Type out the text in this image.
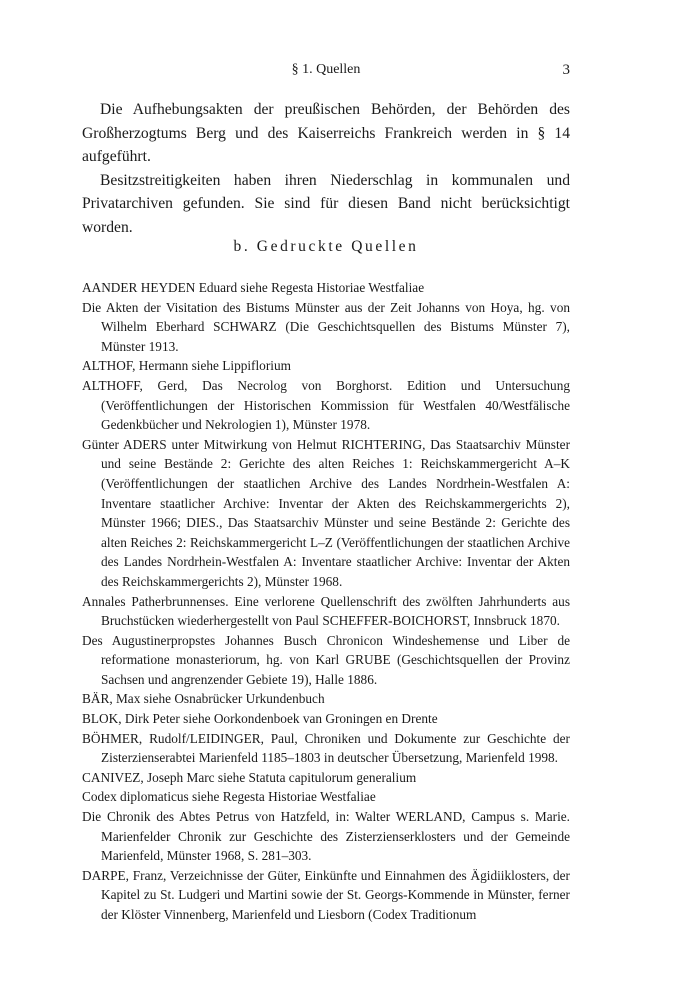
§ 1. Quellen	3

Die Aufhebungsakten der preußischen Behörden, der Behörden des Großherzogtums Berg und des Kaiserreichs Frankreich werden in § 14 aufgeführt.

Besitzstreitigkeiten haben ihren Niederschlag in kommunalen und Privatarchiven gefunden. Sie sind für diesen Band nicht berücksichtigt worden.

b. Gedruckte Quellen
AANDER HEYDEN Eduard siehe Regesta Historiae Westfaliae
Die Akten der Visitation des Bistums Münster aus der Zeit Johanns von Hoya, hg. von Wilhelm Eberhard SCHWARZ (Die Geschichtsquellen des Bistums Münster 7), Münster 1913.
ALTHOF, Hermann siehe Lippiflorium
ALTHOFF, Gerd, Das Necrolog von Borghorst. Edition und Untersuchung (Veröffentlichungen der Historischen Kommission für Westfalen 40/Westfälische Gedenkbücher und Nekrologien 1), Münster 1978.
Günter ADERS unter Mitwirkung von Helmut RICHTERING, Das Staatsarchiv Münster und seine Bestände 2: Gerichte des alten Reiches 1: Reichskammergericht A–K (Veröffentlichungen der staatlichen Archive des Landes Nordrhein-Westfalen A: Inventare staatlicher Archive: Inventar der Akten des Reichskammergerichts 2), Münster 1966; DIES., Das Staatsarchiv Münster und seine Bestände 2: Gerichte des alten Reiches 2: Reichskammergericht L–Z (Veröffentlichungen der staatlichen Archive des Landes Nordrhein-Westfalen A: Inventare staatlicher Archive: Inventar der Akten des Reichskammergerichts 2), Münster 1968.
Annales Patherbrunnenses. Eine verlorene Quellenschrift des zwölften Jahrhunderts aus Bruchstücken wiederhergestellt von Paul SCHEFFER-BOICHORST, Innsbruck 1870.
Des Augustinerpropstes Johannes Busch Chronicon Windeshemense und Liber de reformatione monasteriorum, hg. von Karl GRUBE (Geschichtsquellen der Provinz Sachsen und angrenzender Gebiete 19), Halle 1886.
BÄR, Max siehe Osnabrücker Urkundenbuch
BLOK, Dirk Peter siehe Oorkondenboek van Groningen en Drente
BÖHMER, Rudolf/LEIDINGER, Paul, Chroniken und Dokumente zur Geschichte der Zisterzienserabtei Marienfeld 1185–1803 in deutscher Übersetzung, Marienfeld 1998.
CANIVEZ, Joseph Marc siehe Statuta capitulorum generalium
Codex diplomaticus siehe Regesta Historiae Westfaliae
Die Chronik des Abtes Petrus von Hatzfeld, in: Walter WERLAND, Campus s. Marie. Marienfelder Chronik zur Geschichte des Zisterzienserklosters und der Gemeinde Marienfeld, Münster 1968, S. 281–303.
DARPE, Franz, Verzeichnisse der Güter, Einkünfte und Einnahmen des Ägidiiklosters, der Kapitel zu St. Ludgeri und Martini sowie der St. Georgs-Kommende in Münster, ferner der Klöster Vinnenberg, Marienfeld und Liesborn (Codex Traditionum
